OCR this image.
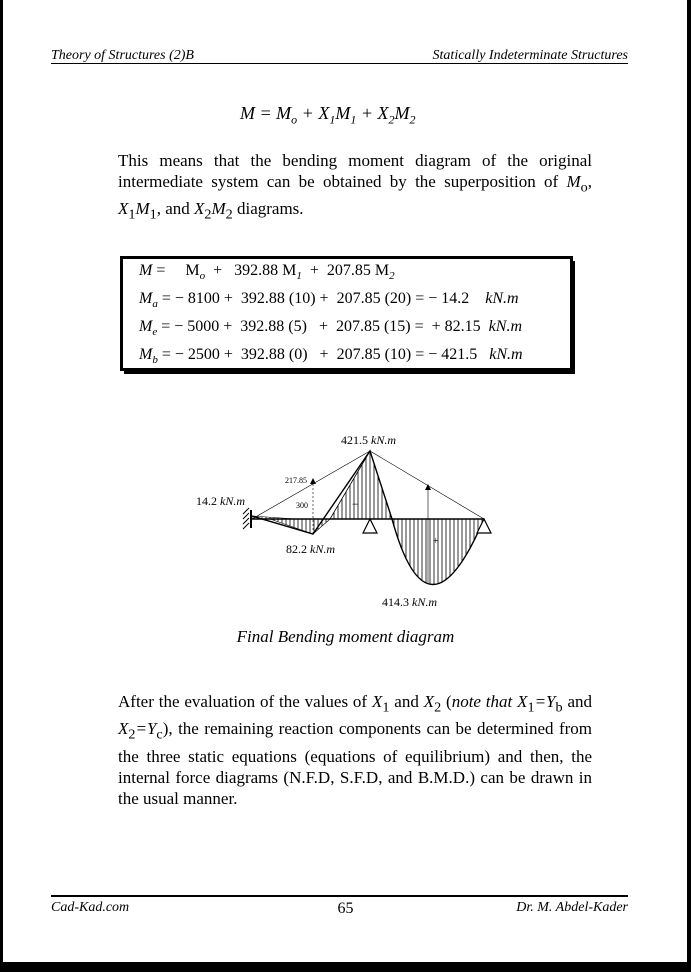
Theory of Structures (2)B	Statically Indeterminate Structures
$M = M_o + X_1M_1 + X_2M_2$
This means that the bending moment diagram of the original intermediate system can be obtained by the superposition of $M_o$, $X_1M_1$, and $X_2M_2$ diagrams.
M =     $M_o + 392.88$ $M_1 + 207.85$ $M_2$
$M_a$ = − 8100 +  392.88 (10) +  207.85 (20) = − 14.2 kN.m
$M_e$ = − 5000 +  392.88 (5)   +  207.85 (15) =  + 82.15 kN.m
$M_b$ = − 2500 +  392.88 (0)   +  207.85 (10) = − 421.5 kN.m
421.5 kN.m
14.2 kN.m
82.2 kN.m
414.3 kN.m
217.85
300	−
+
Final Bending moment diagram
After the evaluation of the values of $X_1$ and $X_2$ (note that $X_1=Y_b$ and $X_2=Y_c$), the remaining reaction components can be determined from the three static equations (equations of equilibrium) and then, the internal force diagrams (N.F.D, S.F.D, and B.M.D.) can be drawn in the usual manner.
Cad-Kad.com	65	Dr. M. Abdel-Kader
